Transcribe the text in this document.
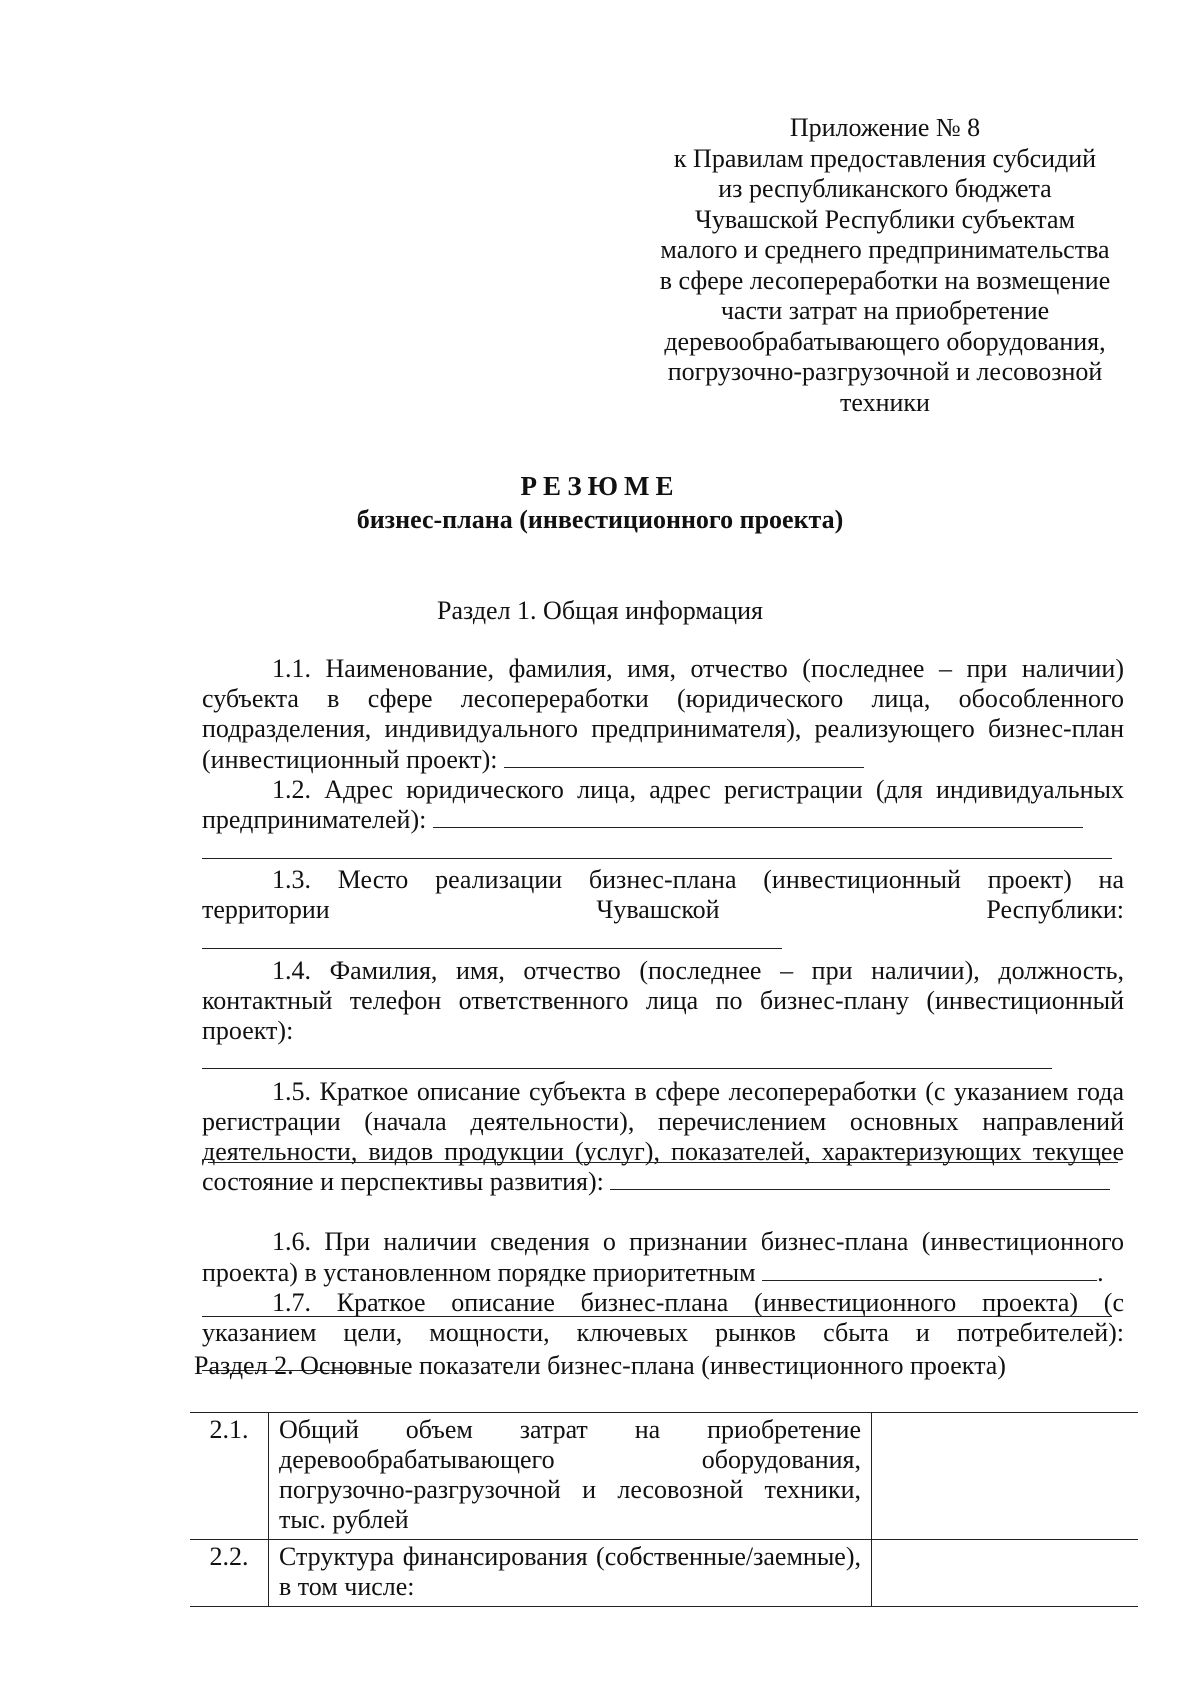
Приложение № 8
к Правилам предоставления субсидий
из республиканского бюджета
Чувашской Республики субъектам
малого и среднего предпринимательства
в сфере лесопереработки на возмещение
части затрат на приобретение
деревообрабатывающего оборудования,
погрузочно-разгрузочной и лесовозной
техники
РЕЗЮМЕ
бизнес-плана (инвестиционного проекта)
Раздел 1. Общая информация

1.1. Наименование, фамилия, имя, отчество (последнее – при наличии) субъекта в сфере лесопереработки (юридического лица, обособленного подразделения, индивидуального предпринимателя), реализующего бизнес-план (инвестиционный проект):

1.2. Адрес юридического лица, адрес регистрации (для индивидуальных предпринимателей):

1.3. Место реализации бизнес-плана (инвестиционный проект) на территории Чувашской Республики:

1.4. Фамилия, имя, отчество (последнее – при наличии), должность, контактный телефон ответственного лица по бизнес-плану (инвестиционный проект):

1.5. Краткое описание субъекта в сфере лесопереработки (с указанием года регистрации (начала деятельности), перечислением основных направлений деятельности, видов продукции (услуг), показателей, характеризующих текущее состояние и перспективы развития):

1.6. При наличии сведения о признании бизнес-плана (инвестиционного проекта) в установленном порядке приоритетным	.

1.7. Краткое описание бизнес-плана (инвестиционного проекта) (с указанием цели, мощности, ключевых рынков сбыта и потребителей):

Раздел 2. Основные показатели бизнес-плана (инвестиционного проекта)
2.1.	Общий объем затрат на приобретение деревообрабатывающего оборудования, погрузочно-разгрузочной и лесовозной техники, тыс. рублей	
2.2.	Структура финансирования (собственные/заемные), в том числе:	
